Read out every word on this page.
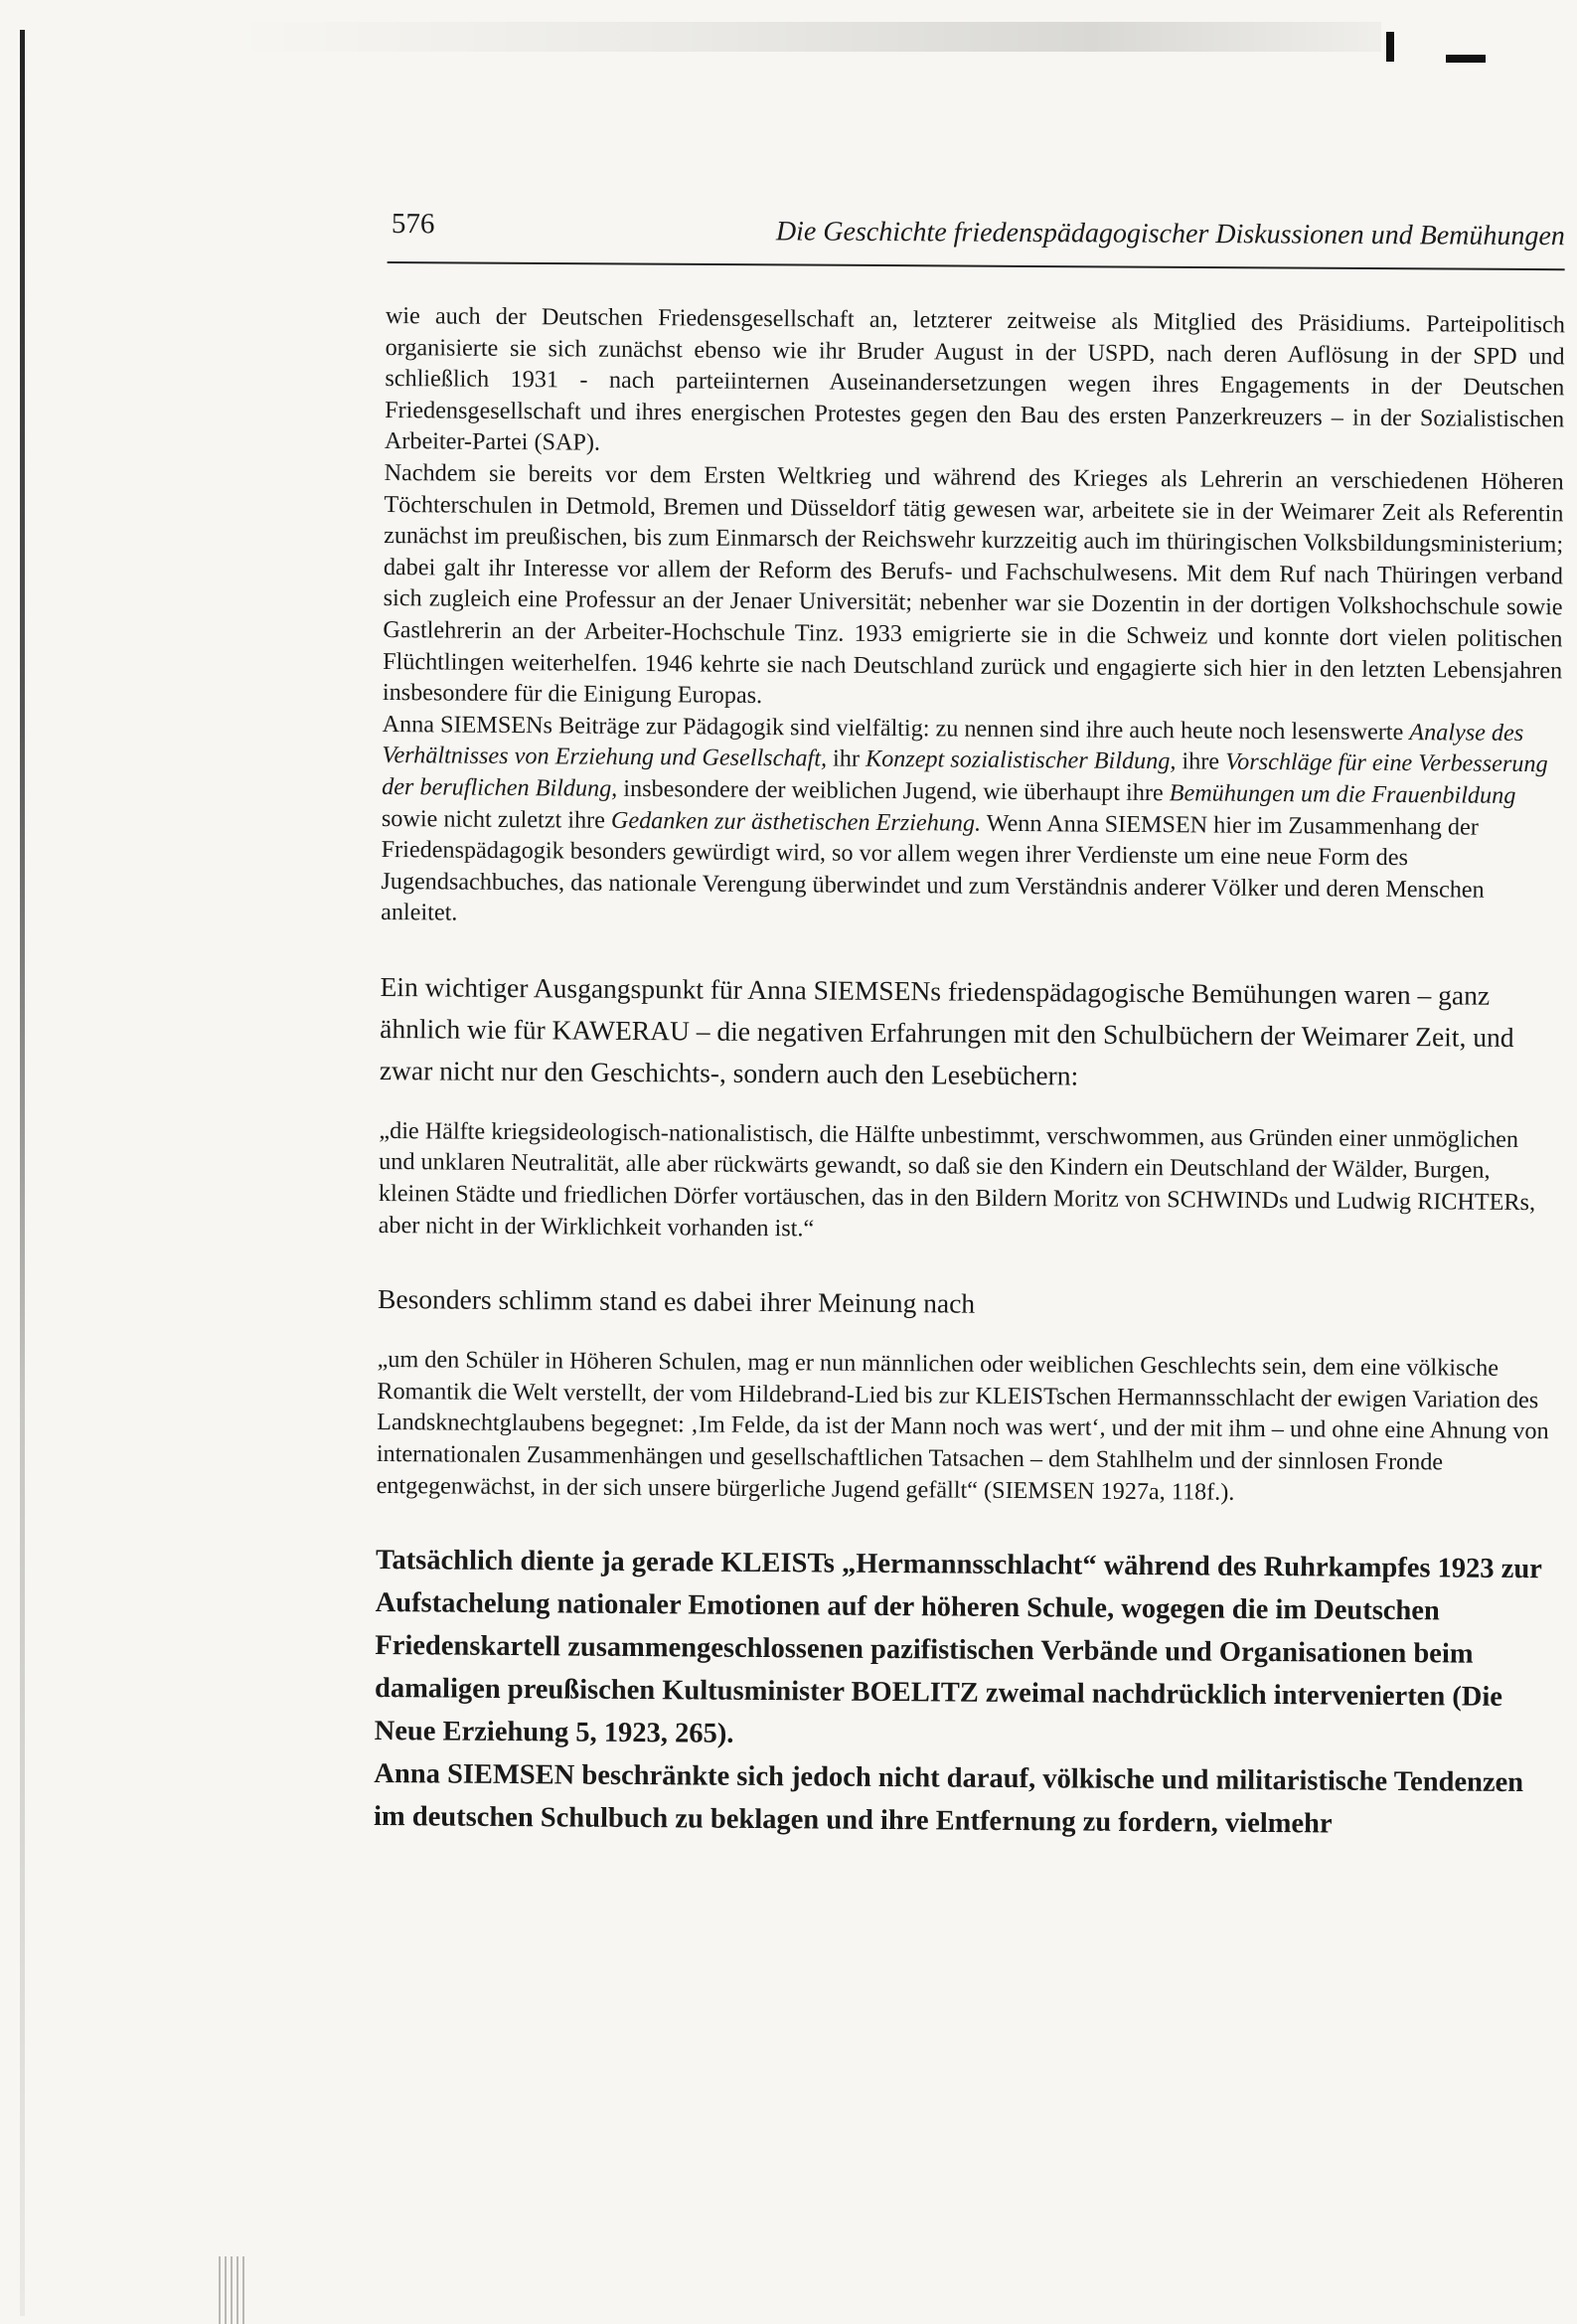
576	Die Geschichte friedenspädagogischer Diskussionen und Bemühungen

wie auch der Deutschen Friedensgesellschaft an, letzterer zeitweise als Mitglied des Präsidiums. Parteipolitisch organisierte sie sich zunächst ebenso wie ihr Bruder August in der USPD, nach deren Auflösung in der SPD und schließlich 1931 - nach parteiinternen Auseinandersetzungen wegen ihres Engagements in der Deutschen Friedensgesellschaft und ihres energischen Protestes gegen den Bau des ersten Panzerkreuzers – in der Sozialistischen Arbeiter-Partei (SAP).

Nachdem sie bereits vor dem Ersten Weltkrieg und während des Krieges als Lehrerin an verschiedenen Höheren Töchterschulen in Detmold, Bremen und Düsseldorf tätig gewesen war, arbeitete sie in der Weimarer Zeit als Referentin zunächst im preußischen, bis zum Einmarsch der Reichswehr kurzzeitig auch im thüringischen Volksbildungsministerium; dabei galt ihr Interesse vor allem der Reform des Berufs- und Fachschulwesens. Mit dem Ruf nach Thüringen verband sich zugleich eine Professur an der Jenaer Universität; nebenher war sie Dozentin in der dortigen Volkshochschule sowie Gastlehrerin an der Arbeiter-Hochschule Tinz. 1933 emigrierte sie in die Schweiz und konnte dort vielen politischen Flüchtlingen weiterhelfen. 1946 kehrte sie nach Deutschland zurück und engagierte sich hier in den letzten Lebensjahren insbesondere für die Einigung Europas.

Anna SIEMSENs Beiträge zur Pädagogik sind vielfältig: zu nennen sind ihre auch heute noch lesenswerte Analyse des Verhältnisses von Erziehung und Gesellschaft, ihr Konzept sozialistischer Bildung, ihre Vorschläge für eine Verbesserung der beruflichen Bildung, insbesondere der weiblichen Jugend, wie überhaupt ihre Bemühungen um die Frauenbildung sowie nicht zuletzt ihre Gedanken zur ästhetischen Erziehung. Wenn Anna SIEMSEN hier im Zusammenhang der Friedenspädagogik besonders gewürdigt wird, so vor allem wegen ihrer Verdienste um eine neue Form des Jugendsachbuches, das nationale Verengung überwindet und zum Verständnis anderer Völker und deren Menschen anleitet.

Ein wichtiger Ausgangspunkt für Anna SIEMSENs friedenspädagogische Bemühungen waren – ganz ähnlich wie für KAWERAU – die negativen Erfahrungen mit den Schulbüchern der Weimarer Zeit, und zwar nicht nur den Geschichts-, sondern auch den Lesebüchern:

„die Hälfte kriegsideologisch-nationalistisch, die Hälfte unbestimmt, verschwommen, aus Gründen einer unmöglichen und unklaren Neutralität, alle aber rückwärts gewandt, so daß sie den Kindern ein Deutschland der Wälder, Burgen, kleinen Städte und friedlichen Dörfer vortäuschen, das in den Bildern Moritz von SCHWINDs und Ludwig RICHTERs, aber nicht in der Wirklichkeit vorhanden ist.“

Besonders schlimm stand es dabei ihrer Meinung nach

„um den Schüler in Höheren Schulen, mag er nun männlichen oder weiblichen Geschlechts sein, dem eine völkische Romantik die Welt verstellt, der vom Hildebrand-Lied bis zur KLEISTschen Hermannsschlacht der ewigen Variation des Landsknechtglaubens begegnet: ‚Im Felde, da ist der Mann noch was wert‘, und der mit ihm – und ohne eine Ahnung von internationalen Zusammenhängen und gesellschaftlichen Tatsachen – dem Stahlhelm und der sinnlosen Fronde entgegenwächst, in der sich unsere bürgerliche Jugend gefällt“ (SIEMSEN 1927a, 118f.).

Tatsächlich diente ja gerade KLEISTs „Hermannsschlacht“ während des Ruhrkampfes 1923 zur Aufstachelung nationaler Emotionen auf der höheren Schule, wogegen die im Deutschen Friedenskartell zusammengeschlossenen pazifistischen Verbände und Organisationen beim damaligen preußischen Kultusminister BOELITZ zweimal nachdrücklich intervenierten (Die Neue Erziehung 5, 1923, 265).

Anna SIEMSEN beschränkte sich jedoch nicht darauf, völkische und militaristische Tendenzen im deutschen Schulbuch zu beklagen und ihre Entfernung zu fordern, vielmehr
